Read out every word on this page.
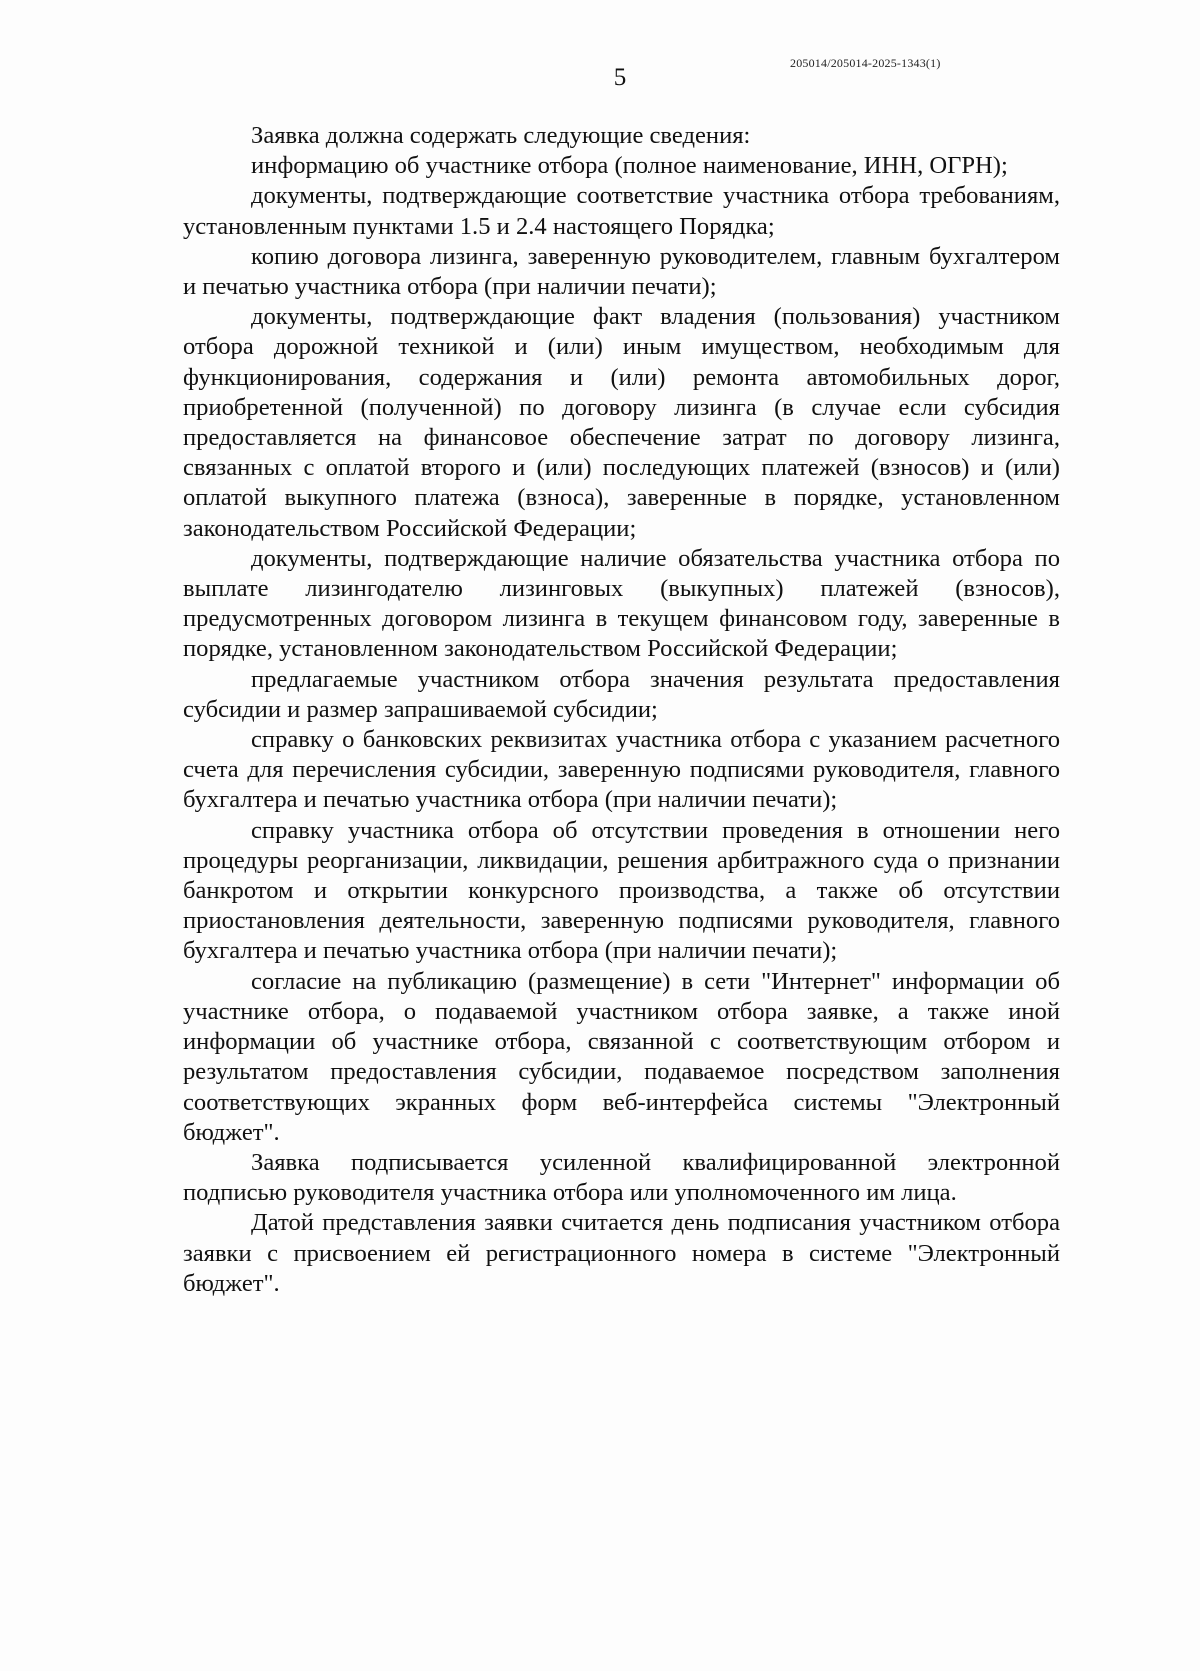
205014/205014-2025-1343(1)
5

Заявка должна содержать следующие сведения:

информацию об участнике отбора (полное наименование, ИНН, ОГРН);

документы, подтверждающие соответствие участника отбора требованиям, установленным пунктами 1.5 и 2.4 настоящего Порядка;

копию договора лизинга, заверенную руководителем, главным бухгалтером и печатью участника отбора (при наличии печати);

документы, подтверждающие факт владения (пользования) участником отбора дорожной техникой и (или) иным имуществом, необходимым для функционирования, содержания и (или) ремонта автомобильных дорог, приобретенной (полученной) по договору лизинга (в случае если субсидия предоставляется на финансовое обеспечение затрат по договору лизинга, связанных с оплатой второго и (или) последующих платежей (взносов) и (или) оплатой выкупного платежа (взноса), заверенные в порядке, установленном законодательством Российской Федерации;

документы, подтверждающие наличие обязательства участника отбора по выплате лизингодателю лизинговых (выкупных) платежей (взносов), предусмотренных договором лизинга в текущем финансовом году, заверенные в порядке, установленном законодательством Российской Федерации;

предлагаемые участником отбора значения результата предоставления субсидии и размер запрашиваемой субсидии;

справку о банковских реквизитах участника отбора с указанием расчетного счета для перечисления субсидии, заверенную подписями руководителя, главного бухгалтера и печатью участника отбора (при наличии печати);

справку участника отбора об отсутствии проведения в отношении него процедуры реорганизации, ликвидации, решения арбитражного суда о признании банкротом и открытии конкурсного производства, а также об отсутствии приостановления деятельности, заверенную подписями руководителя, главного бухгалтера и печатью участника отбора (при наличии печати);

согласие на публикацию (размещение) в сети "Интернет" информации об участнике отбора, о подаваемой участником отбора заявке, а также иной информации об участнике отбора, связанной с соответствующим отбором и результатом предоставления субсидии, подаваемое посредством заполнения соответствующих экранных форм веб-интерфейса системы "Электронный бюджет".

Заявка подписывается усиленной квалифицированной электронной подписью руководителя участника отбора или уполномоченного им лица.

Датой представления заявки считается день подписания участником отбора заявки с присвоением ей регистрационного номера в системе "Электронный бюджет".
